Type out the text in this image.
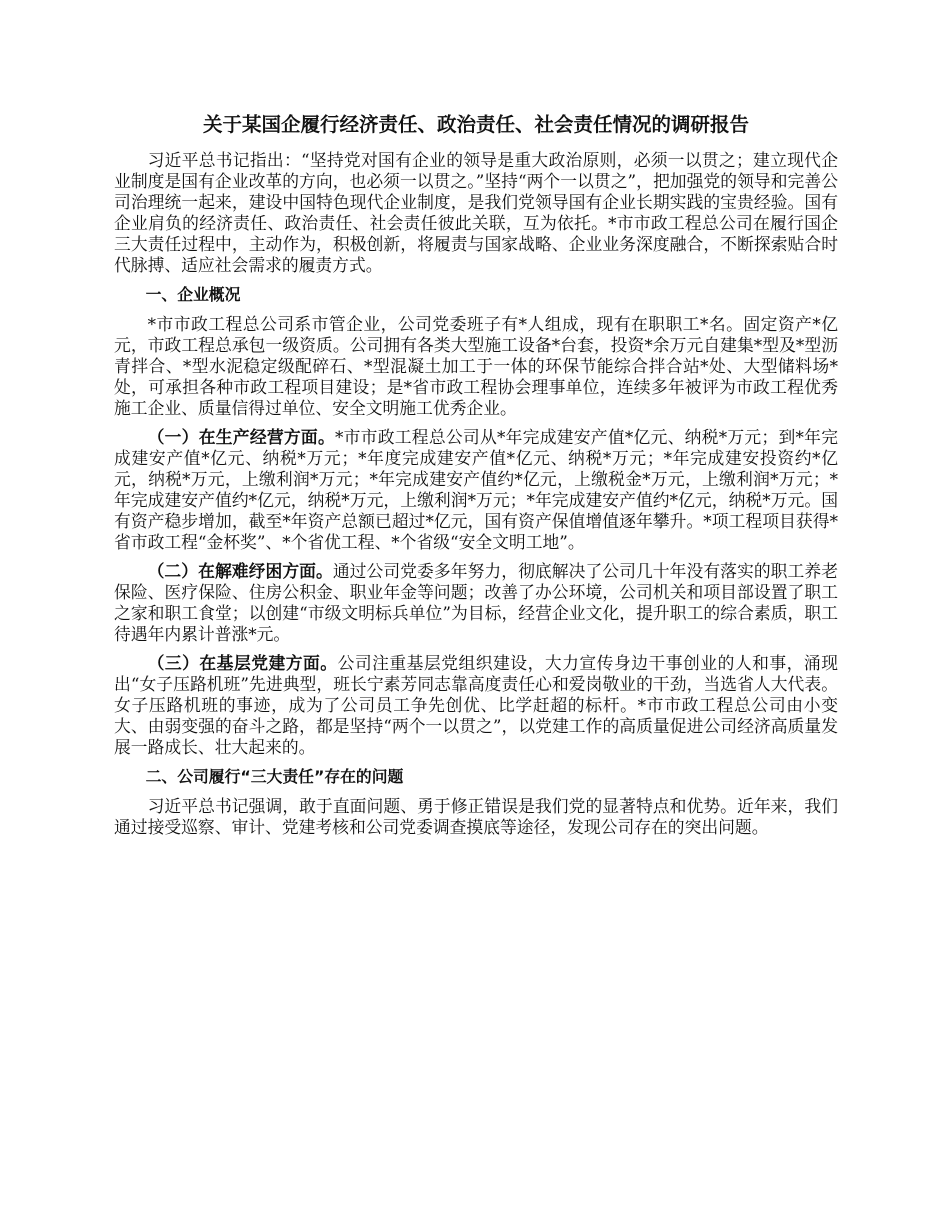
关于某国企履行经济责任、政治责任、社会责任情况的调研报告

习近平总书记指出：“坚持党对国有企业的领导是重大政治原则，必须一以贯之；建立现代企业制度是国有企业改革的方向，也必须一以贯之。”坚持“两个一以贯之”，把加强党的领导和完善公司治理统一起来，建设中国特色现代企业制度，是我们党领导国有企业长期实践的宝贵经验。国有企业肩负的经济责任、政治责任、社会责任彼此关联，互为依托。*市市政工程总公司在履行国企三大责任过程中，主动作为，积极创新，将履责与国家战略、企业业务深度融合，不断探索贴合时代脉搏、适应社会需求的履责方式。

一、企业概况

*市市政工程总公司系市管企业，公司党委班子有*人组成，现有在职职工*名。固定资产*亿元，市政工程总承包一级资质。公司拥有各类大型施工设备*台套，投资*余万元自建集*型及*型沥青拌合、*型水泥稳定级配碎石、*型混凝土加工于一体的环保节能综合拌合站*处、大型储料场*处，可承担各种市政工程项目建设；是*省市政工程协会理事单位，连续多年被评为市政工程优秀施工企业、质量信得过单位、安全文明施工优秀企业。

（一）在生产经营方面。*市市政工程总公司从*年完成建安产值*亿元、纳税*万元；到*年完成建安产值*亿元、纳税*万元；*年度完成建安产值*亿元、纳税*万元；*年完成建安投资约*亿元，纳税*万元，上缴利润*万元；*年完成建安产值约*亿元，上缴税金*万元，上缴利润*万元；*年完成建安产值约*亿元，纳税*万元，上缴利润*万元；*年完成建安产值约*亿元，纳税*万元。国有资产稳步增加，截至*年资产总额已超过*亿元，国有资产保值增值逐年攀升。*项工程项目获得*省市政工程“金杯奖”、*个省优工程、*个省级“安全文明工地”。

（二）在解难纾困方面。通过公司党委多年努力，彻底解决了公司几十年没有落实的职工养老保险、医疗保险、住房公积金、职业年金等问题；改善了办公环境，公司机关和项目部设置了职工之家和职工食堂；以创建“市级文明标兵单位”为目标，经营企业文化，提升职工的综合素质，职工待遇年内累计普涨*元。

（三）在基层党建方面。公司注重基层党组织建设，大力宣传身边干事创业的人和事，涌现出“女子压路机班”先进典型，班长宁素芳同志靠高度责任心和爱岗敬业的干劲，当选省人大代表。女子压路机班的事迹，成为了公司员工争先创优、比学赶超的标杆。*市市政工程总公司由小变大、由弱变强的奋斗之路，都是坚持“两个一以贯之”，以党建工作的高质量促进公司经济高质量发展一路成长、壮大起来的。

二、公司履行“三大责任”存在的问题

习近平总书记强调，敢于直面问题、勇于修正错误是我们党的显著特点和优势。近年来，我们通过接受巡察、审计、党建考核和公司党委调查摸底等途径，发现公司存在的突出问题。
